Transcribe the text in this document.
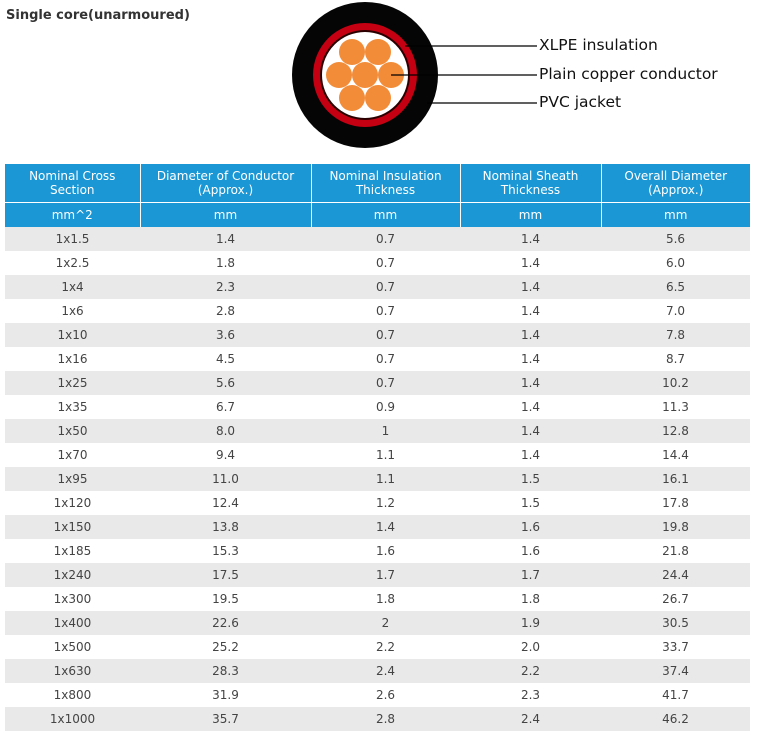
Single core(unarmoured)
XLPE insulation
Plain copper conductor
PVC jacket
Nominal Cross Section	Diameter of Conductor (Approx.)	Nominal Insulation Thickness	Nominal Sheath Thickness	Overall Diameter (Approx.)
mm^2	mm	mm	mm	mm
1x1.5	1.4	0.7	1.4	5.6
1x2.5	1.8	0.7	1.4	6.0
1x4	2.3	0.7	1.4	6.5
1x6	2.8	0.7	1.4	7.0
1x10	3.6	0.7	1.4	7.8
1x16	4.5	0.7	1.4	8.7
1x25	5.6	0.7	1.4	10.2
1x35	6.7	0.9	1.4	11.3
1x50	8.0	1	1.4	12.8
1x70	9.4	1.1	1.4	14.4
1x95	11.0	1.1	1.5	16.1
1x120	12.4	1.2	1.5	17.8
1x150	13.8	1.4	1.6	19.8
1x185	15.3	1.6	1.6	21.8
1x240	17.5	1.7	1.7	24.4
1x300	19.5	1.8	1.8	26.7
1x400	22.6	2	1.9	30.5
1x500	25.2	2.2	2.0	33.7
1x630	28.3	2.4	2.2	37.4
1x800	31.9	2.6	2.3	41.7
1x1000	35.7	2.8	2.4	46.2
